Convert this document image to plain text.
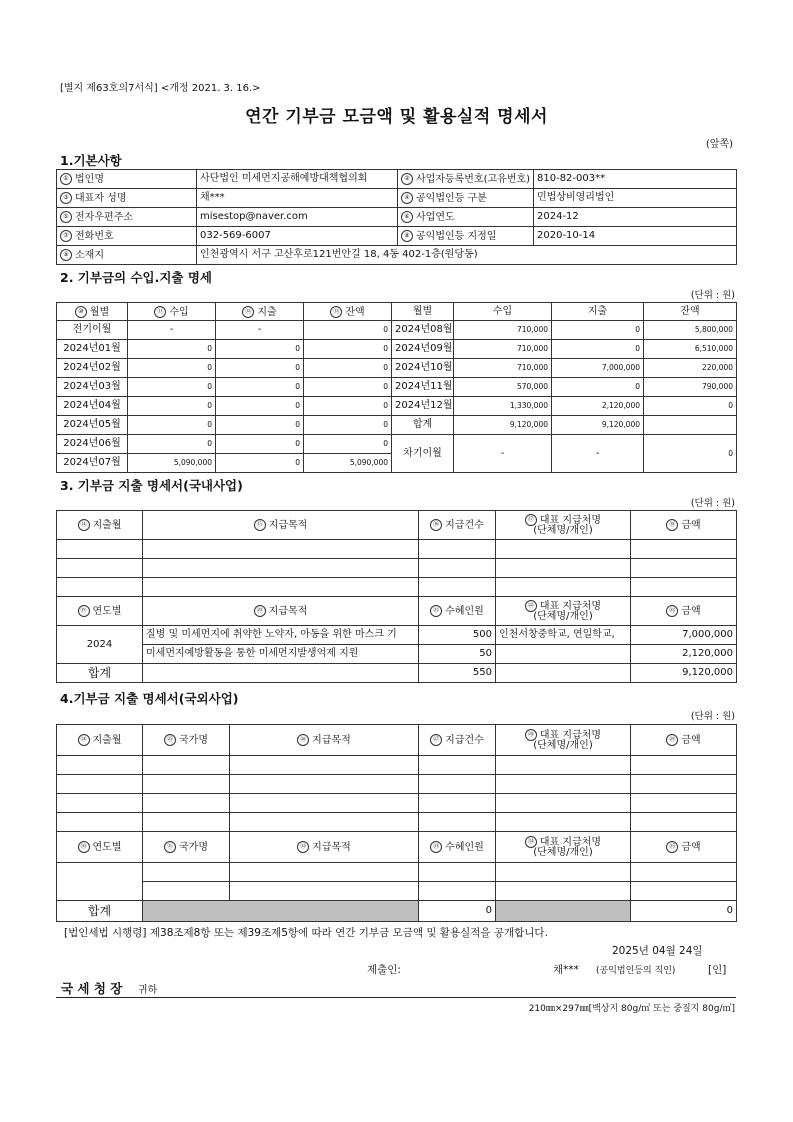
[별지 제63호의7서식] <개정 2021. 3. 16.>
연간 기부금 모금액 및 활용실적 명세서
(앞쪽)
1.기본사항
① 법인명	사단법인 미세먼지공해예방대책협의회	② 사업자등록번호(고유번호)	810-82-003**
③ 대표자 성명	채***	④ 공익법인등 구분	민법상비영리법인
⑤ 전자우편주소	misestop@naver.com	⑥ 사업연도	2024-12
⑦ 전화번호	032-569-6007	⑧ 공익법인등 지정일	2020-10-14
⑨ 소재지	인천광역시 서구 고산후로121번안길 18, 4동 402-1층(원당동)		
2. 기부금의 수입.지출 명세
(단위 : 원)
⑩ 월별	⑪ 수입	⑫ 지출	⑬ 잔액	월별	수입	지출	잔액
전기이월	-	-	0	2024년08월	710,000	0	5,800,000
2024년01월	0	0	0	2024년09월	710,000	0	6,510,000
2024년02월	0	0	0	2024년10월	710,000	7,000,000	220,000
2024년03월	0	0	0	2024년11월	570,000	0	790,000
2024년04월	0	0	0	2024년12월	1,330,000	2,120,000	0
2024년05월	0	0	0	합계	9,120,000	9,120,000	
2024년06월	0	0	0	차기이월	-	-	0
2024년07월	5,090,000	0	5,090,000				
3. 기부금 지출 명세서(국내사업)
(단위 : 원)
⑭ 지출월	⑮ 지급목적	⑯ 지급건수	⑰ 대표 지급처명
(단체명/개인)	⑱ 금액

⑲ 연도별	⑳ 지급목적	㉑ 수혜인원	㉒ 대표 지급처명
(단체명/개인)	㉓ 금액
2024	질병 및 미세먼지에 취약한 노약자, 아동을 위한 마스크 기	500	인천서창중학교, 연일학교,	7,000,000
	미세먼지예방활동을 통한 미세먼지발생억제 지원	50		2,120,000
합계		550		9,120,000
4.기부금 지출 명세서(국외사업)
(단위 : 원)
㉔ 지출월	㉕ 국가명	㉖ 지급목적	㉗ 지급건수	㉘ 대표 지급처명
(단체명/개인)	㉙ 금액

㉚ 연도별	㉛ 국가명	㉜ 지급목적	㉝ 수혜인원	㉞ 대표 지급처명
(단체명/개인)	㉟ 금액

합계			0		0
[법인세법 시행령] 제38조제8항 또는 제39조제5항에 따라 연간 기부금 모금액 및 활용실적을 공개합니다.
2025년 04월 24일
제출인:	채*** (공익법인등의 직인)	[인]
국 세 청 장 귀하
210㎜×297㎜[백상지 80g/㎡ 또는 중질지 80g/㎡]
